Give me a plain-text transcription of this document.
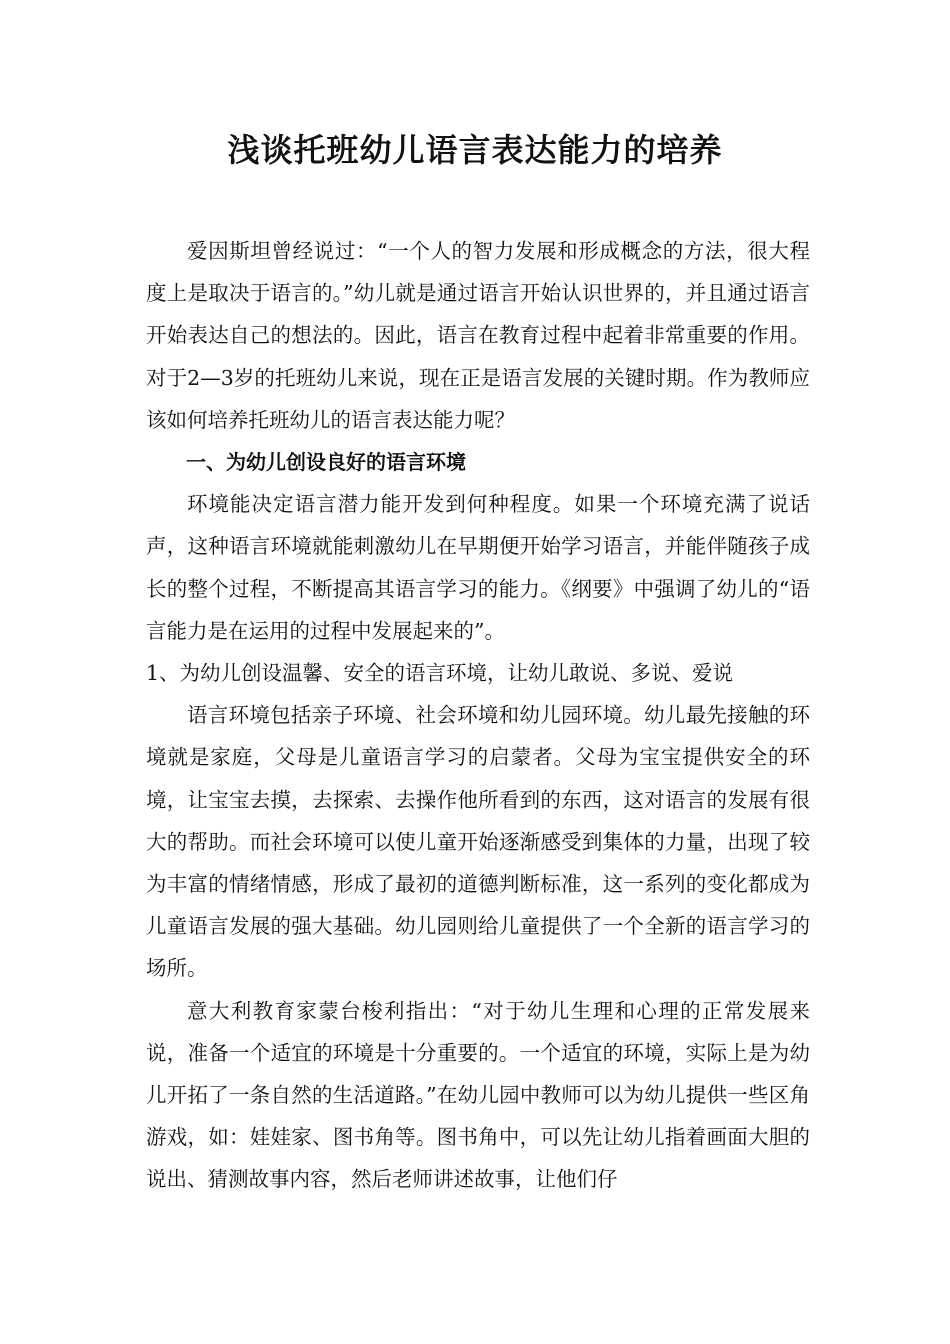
浅谈托班幼儿语言表达能力的培养

爱因斯坦曾经说过：“一个人的智力发展和形成概念的方法，很大程度上是取决于语言的。”幼儿就是通过语言开始认识世界的，并且通过语言开始表达自己的想法的。因此，语言在教育过程中起着非常重要的作用。对于2—3岁的托班幼儿来说，现在正是语言发展的关键时期。作为教师应该如何培养托班幼儿的语言表达能力呢？

一、为幼儿创设良好的语言环境

环境能决定语言潜力能开发到何种程度。如果一个环境充满了说话声，这种语言环境就能刺激幼儿在早期便开始学习语言，并能伴随孩子成长的整个过程，不断提高其语言学习的能力。《纲要》中强调了幼儿的“语言能力是在运用的过程中发展起来的”。

1、为幼儿创设温馨、安全的语言环境，让幼儿敢说、多说、爱说

语言环境包括亲子环境、社会环境和幼儿园环境。幼儿最先接触的环境就是家庭，父母是儿童语言学习的启蒙者。父母为宝宝提供安全的环境，让宝宝去摸，去探索、去操作他所看到的东西，这对语言的发展有很大的帮助。而社会环境可以使儿童开始逐渐感受到集体的力量，出现了较为丰富的情绪情感，形成了最初的道德判断标准，这一系列的变化都成为儿童语言发展的强大基础。幼儿园则给儿童提供了一个全新的语言学习的场所。

意大利教育家蒙台梭利指出：“对于幼儿生理和心理的正常发展来说，准备一个适宜的环境是十分重要的。一个适宜的环境，实际上是为幼儿开拓了一条自然的生活道路。”在幼儿园中教师可以为幼儿提供一些区角游戏，如：娃娃家、图书角等。图书角中，可以先让幼儿指着画面大胆的说出、猜测故事内容，然后老师讲述故事，让他们仔
